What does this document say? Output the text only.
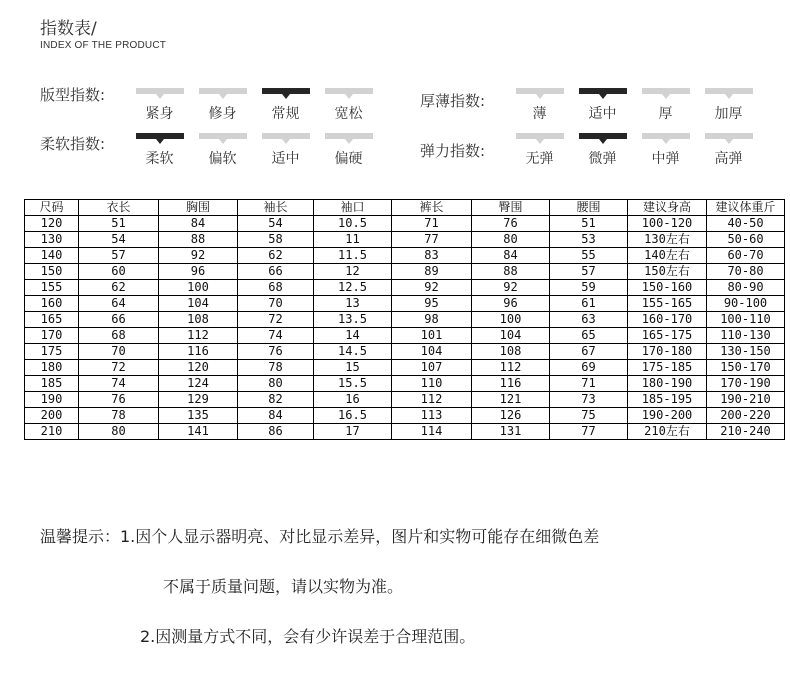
指数表/
INDEX OF THE PRODUCT
版型指数:	厚薄指数:
柔软指数:	弹力指数:
紧身	修身	常规	宽松	薄	适中	厚	加厚
柔软	偏软	适中	偏硬	无弹	微弹	中弹	高弹
尺码	衣长	胸围	袖长	袖口	裤长	臀围	腰围	建议身高	建议体重斤
120	51	84	54	10.5	71	76	51	100-120	40-50
130	54	88	58	11	77	80	53	130左右	50-60
140	57	92	62	11.5	83	84	55	140左右	60-70
150	60	96	66	12	89	88	57	150左右	70-80
155	62	100	68	12.5	92	92	59	150-160	80-90
160	64	104	70	13	95	96	61	155-165	90-100
165	66	108	72	13.5	98	100	63	160-170	100-110
170	68	112	74	14	101	104	65	165-175	110-130
175	70	116	76	14.5	104	108	67	170-180	130-150
180	72	120	78	15	107	112	69	175-185	150-170
185	74	124	80	15.5	110	116	71	180-190	170-190
190	76	129	82	16	112	121	73	185-195	190-210
200	78	135	84	16.5	113	126	75	190-200	200-220
210	80	141	86	17	114	131	77	210左右	210-240
温馨提示：1.因个人显示器明亮、对比显示差异，图片和实物可能存在细微色差
不属于质量问题，请以实物为准。
2.因测量方式不同，会有少许误差于合理范围。
